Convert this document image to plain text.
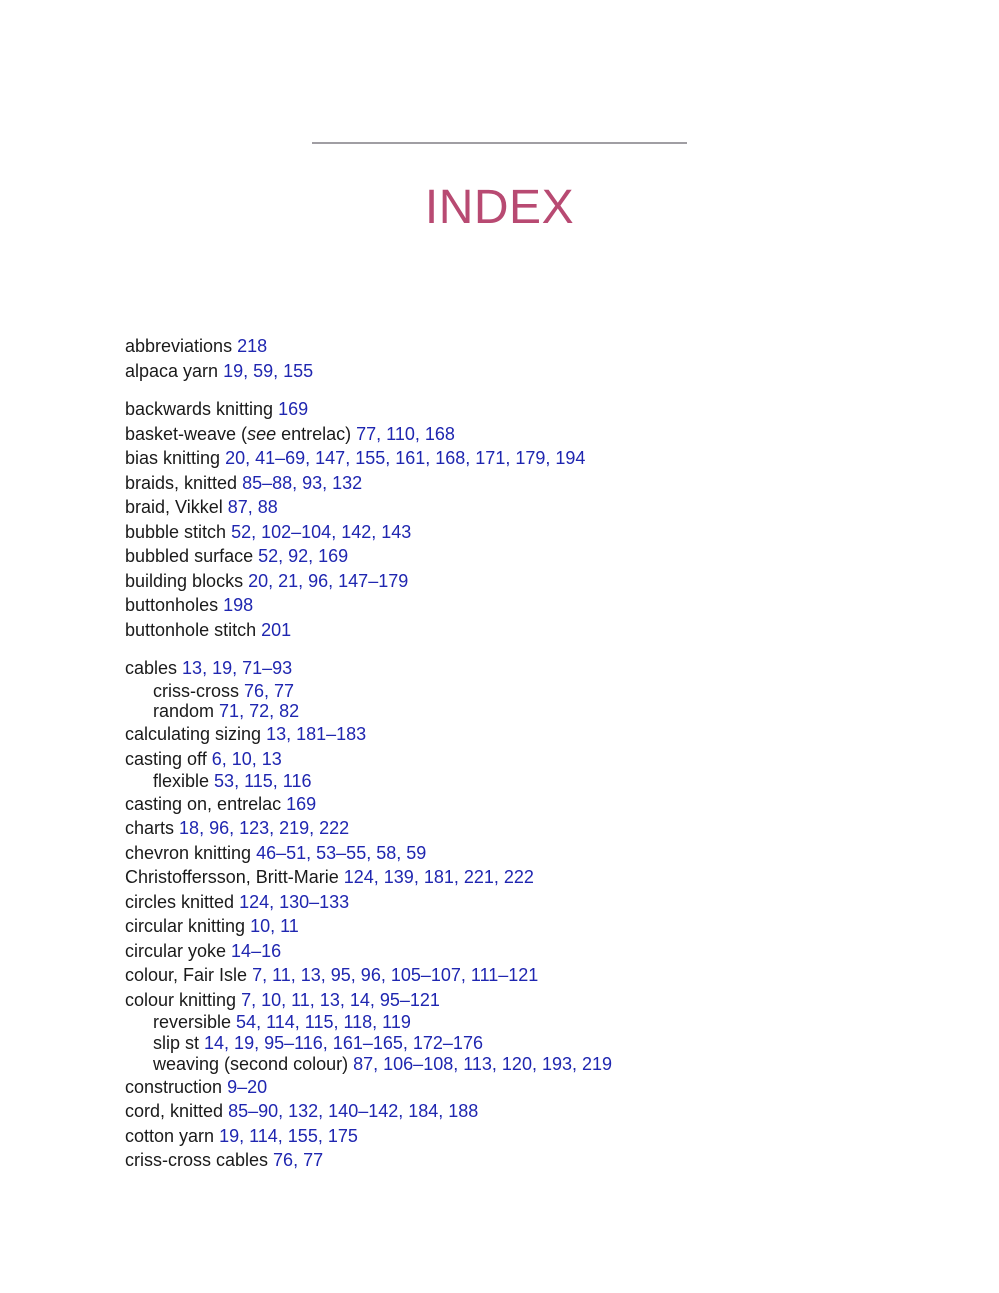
INDEX
abbreviations 218
alpaca yarn 19, 59, 155
backwards knitting 169
basket-weave (see entrelac) 77, 110, 168
bias knitting 20, 41–69, 147, 155, 161, 168, 171, 179, 194
braids, knitted 85–88, 93, 132
braid, Vikkel 87, 88
bubble stitch 52, 102–104, 142, 143
bubbled surface 52, 92, 169
building blocks 20, 21, 96, 147–179
buttonholes 198
buttonhole stitch 201
cables 13, 19, 71–93
criss-cross 76, 77
random 71, 72, 82
calculating sizing 13, 181–183
casting off 6, 10, 13
flexible 53, 115, 116
casting on, entrelac 169
charts 18, 96, 123, 219, 222
chevron knitting 46–51, 53–55, 58, 59
Christoffersson, Britt-Marie 124, 139, 181, 221, 222
circles knitted 124, 130–133
circular knitting 10, 11
circular yoke 14–16
colour, Fair Isle 7, 11, 13, 95, 96, 105–107, 111–121
colour knitting 7, 10, 11, 13, 14, 95–121
reversible 54, 114, 115, 118, 119
slip st 14, 19, 95–116, 161–165, 172–176
weaving (second colour) 87, 106–108, 113, 120, 193, 219
construction 9–20
cord, knitted 85–90, 132, 140–142, 184, 188
cotton yarn 19, 114, 155, 175
criss-cross cables 76, 77
